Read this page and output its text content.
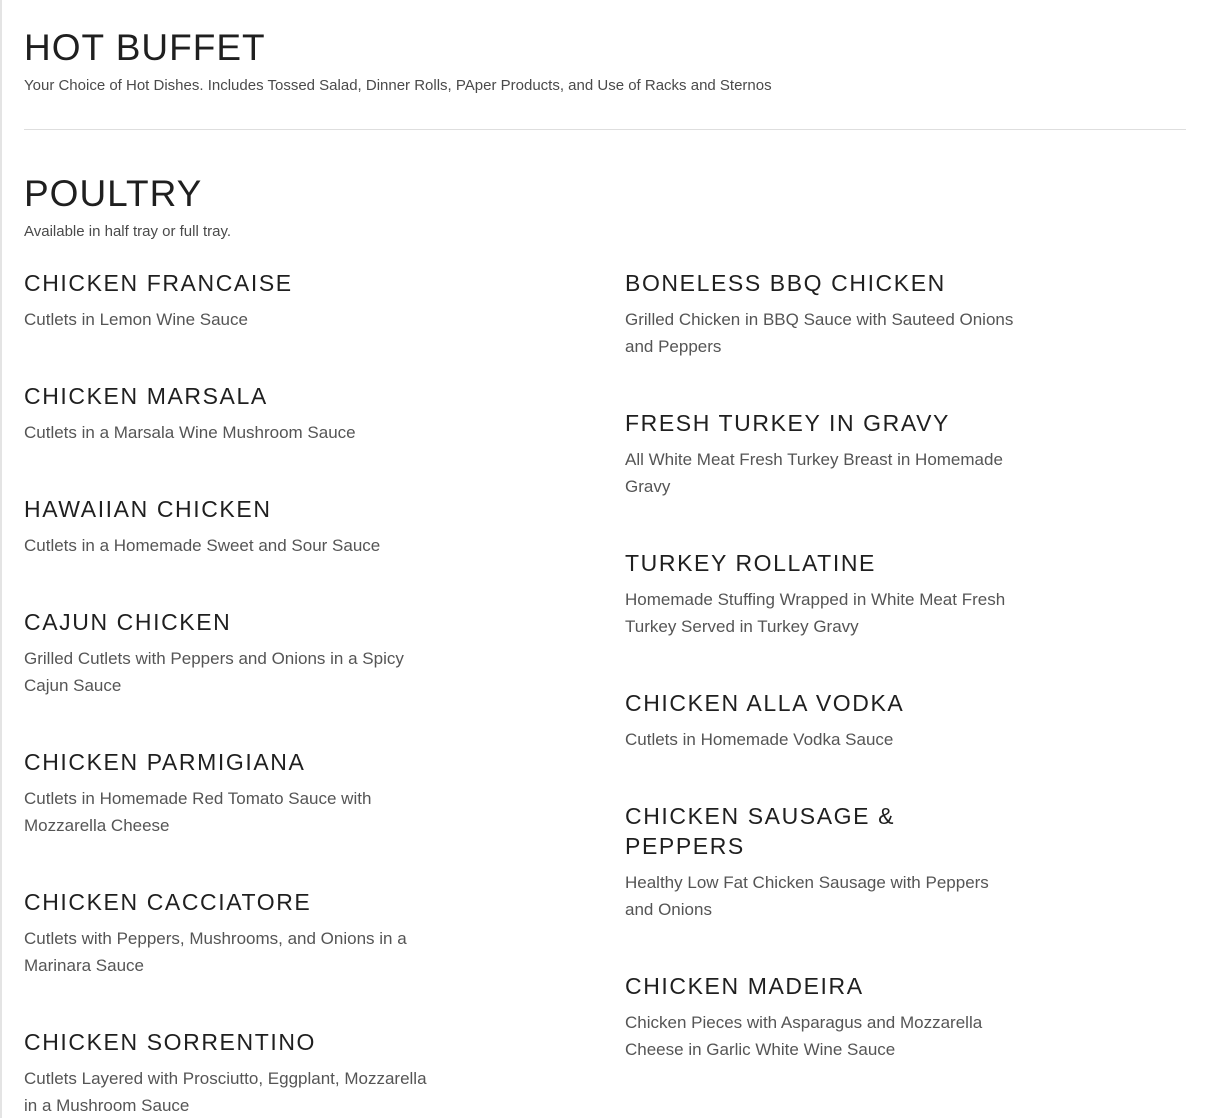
HOT BUFFET

Your Choice of Hot Dishes. Includes Tossed Salad, Dinner Rolls, PAper Products, and Use of Racks and Sternos

POULTRY

Available in half tray or full tray.

CHICKEN FRANCAISE

Cutlets in Lemon Wine Sauce

CHICKEN MARSALA

Cutlets in a Marsala Wine Mushroom Sauce

HAWAIIAN CHICKEN

Cutlets in a Homemade Sweet and Sour Sauce

CAJUN CHICKEN

Grilled Cutlets with Peppers and Onions in a Spicy Cajun Sauce

CHICKEN PARMIGIANA

Cutlets in Homemade Red Tomato Sauce with Mozzarella Cheese

CHICKEN CACCIATORE

Cutlets with Peppers, Mushrooms, and Onions in a Marinara Sauce

CHICKEN SORRENTINO

Cutlets Layered with Prosciutto, Eggplant, Mozzarella in a Mushroom Sauce

BONELESS BBQ CHICKEN

Grilled Chicken in BBQ Sauce with Sauteed Onions and Peppers

FRESH TURKEY IN GRAVY

All White Meat Fresh Turkey Breast in Homemade Gravy

TURKEY ROLLATINE

Homemade Stuffing Wrapped in White Meat Fresh Turkey Served in Turkey Gravy

CHICKEN ALLA VODKA

Cutlets in Homemade Vodka Sauce

CHICKEN SAUSAGE & PEPPERS

Healthy Low Fat Chicken Sausage with Peppers and Onions

CHICKEN MADEIRA

Chicken Pieces with Asparagus and Mozzarella Cheese in Garlic White Wine Sauce
